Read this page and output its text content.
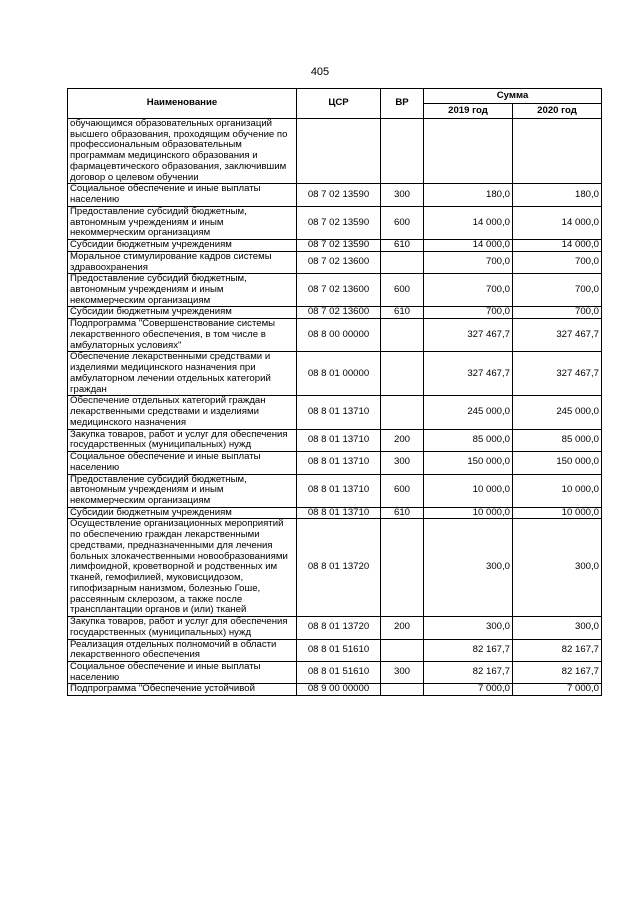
405
Наименование	ЦСР	ВР	Сумма	
			2019 год	2020 год
обучающимся образовательных организаций высшего образования, проходящим обучение по профессиональным образовательным программам медицинского образования и фармацевтического образования, заключившим договор о целевом обучении				
Социальное обеспечение и иные выплаты населению	08 7 02 13590	300	180,0	180,0
Предоставление субсидий бюджетным, автономным учреждениям и иным некоммерческим организациям	08 7 02 13590	600	14 000,0	14 000,0
Субсидии бюджетным учреждениям	08 7 02 13590	610	14 000,0	14 000,0
Моральное стимулирование кадров системы здравоохранения	08 7 02 13600		700,0	700,0
Предоставление субсидий бюджетным, автономным учреждениям и иным некоммерческим организациям	08 7 02 13600	600	700,0	700,0
Субсидии бюджетным учреждениям	08 7 02 13600	610	700,0	700,0
Подпрограмма "Совершенствование системы лекарственного обеспечения, в том числе в амбулаторных условиях"	08 8 00 00000		327 467,7	327 467,7
Обеспечение лекарственными средствами и изделиями медицинского назначения при амбулаторном лечении отдельных категорий граждан	08 8 01 00000		327 467,7	327 467,7
Обеспечение отдельных категорий граждан лекарственными средствами и изделиями медицинского назначения	08 8 01 13710		245 000,0	245 000,0
Закупка товаров, работ и услуг для обеспечения государственных (муниципальных) нужд	08 8 01 13710	200	85 000,0	85 000,0
Социальное обеспечение и иные выплаты населению	08 8 01 13710	300	150 000,0	150 000,0
Предоставление субсидий бюджетным, автономным учреждениям и иным некоммерческим организациям	08 8 01 13710	600	10 000,0	10 000,0
Субсидии бюджетным учреждениям	08 8 01 13710	610	10 000,0	10 000,0
Осуществление организационных мероприятий по обеспечению граждан лекарственными средствами, предназначенными для лечения больных злокачественными новообразованиями лимфоидной, кроветворной и родственных им тканей, гемофилией, муковисцидозом, гипофизарным нанизмом, болезнью Гоше, рассеянным склерозом, а также после трансплантации органов и (или) тканей	08 8 01 13720		300,0	300,0
Закупка товаров, работ и услуг для обеспечения государственных (муниципальных) нужд	08 8 01 13720	200	300,0	300,0
Реализация отдельных полномочий в области лекарственного обеспечения	08 8 01 51610		82 167,7	82 167,7
Социальное обеспечение и иные выплаты населению	08 8 01 51610	300	82 167,7	82 167,7
Подпрограмма "Обеспечение устойчивой	08 9 00 00000		7 000,0	7 000,0
